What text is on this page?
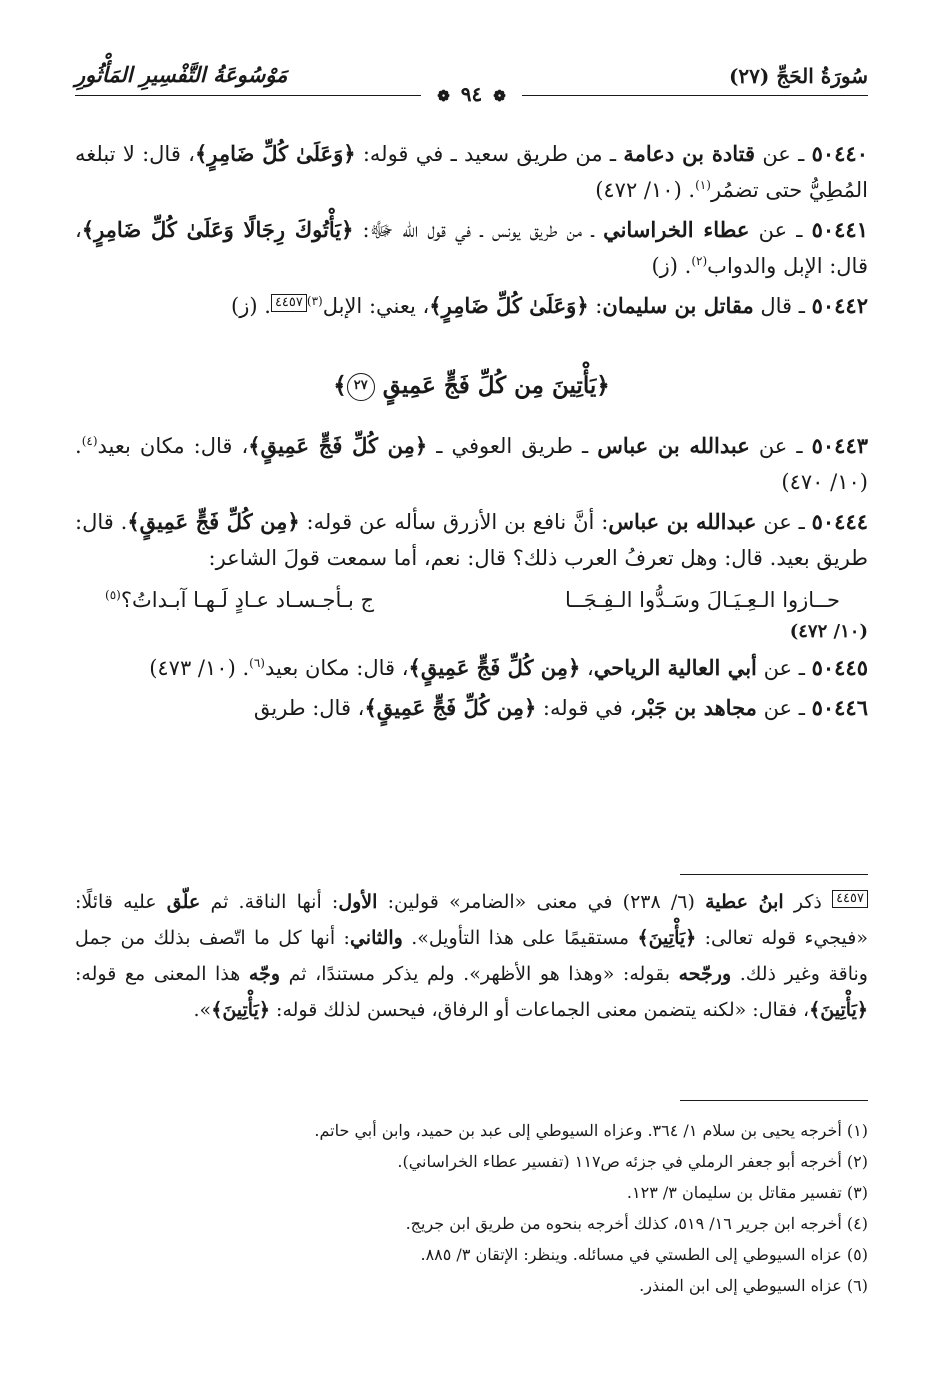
مَوْسُوعَةُ التَّفْسِيرِ المَأْثُورِ	سُورَةُ الحَجِّ (٢٧)
❁ ٩٤ ❁

٥٠٤٤٠ ـ عن قتادة بن دعامة ـ من طريق سعيد ـ في قوله: ﴿وَعَلَىٰ كُلِّ ضَامِرٍ﴾، قال: لا تبلغه المُطِيُّ حتى تضمُر$^{(١)}$. (١٠/ ٤٧٢)

٥٠٤٤١ ـ عن عطاء الخراساني ـ من طريق يونس ـ في قول الله ﷻ: ﴿يَأْتُوكَ رِجَالًا وَعَلَىٰ كُلِّ ضَامِرٍ﴾، قال: الإبل والدواب$^{(٢)}$. (ز)

٥٠٤٤٢ ـ قال مقاتل بن سليمان: ﴿وَعَلَىٰ كُلِّ ضَامِرٍ﴾، يعني: الإبل$^{(٣)}$٤٤٥٧. (ز)

﴿يَأْتِينَ مِن كُلِّ فَجٍّ عَمِيقٍ ٢٧﴾

٥٠٤٤٣ ـ عن عبدالله بن عباس ـ طريق العوفي ـ ﴿مِن كُلِّ فَجٍّ عَمِيقٍ﴾، قال: مكان بعيد$^{(٤)}$. (١٠/ ٤٧٠)

٥٠٤٤٤ ـ عن عبدالله بن عباس: أنَّ نافع بن الأزرق سأله عن قوله: ﴿مِن كُلِّ فَجٍّ عَمِيقٍ﴾. قال: طريق بعيد. قال: وهل تعرفُ العرب ذلك؟ قال: نعم، أما سمعت قولَ الشاعر:

حــازوا الـعِـيَـالَ وسَـدُّوا الـفِـجَــا
ج بـأجـسـاد عـادٍ لَـهـا آبـداتُ؟$^{(٥)}$
(١٠/ ٤٧٢)

٥٠٤٤٥ ـ عن أبي العالية الرياحي، ﴿مِن كُلِّ فَجٍّ عَمِيقٍ﴾، قال: مكان بعيد$^{(٦)}$. (١٠/ ٤٧٣)

٥٠٤٤٦ ـ عن مجاهد بن جَبْر، في قوله: ﴿مِن كُلِّ فَجٍّ عَمِيقٍ﴾، قال: طريق

٤٤٥٧ ذكر ابنُ عطية (٦/ ٢٣٨) في معنى «الضامر» قولين: الأول: أنها الناقة. ثم علّق عليه قائلًا: «فيجيء قوله تعالى: ﴿يَأْتِينَ﴾ مستقيمًا على هذا التأويل». والثاني: أنها كل ما اتّصف بذلك من جمل وناقة وغير ذلك. ورجّحه بقوله: «وهذا هو الأظهر». ولم يذكر مستندًا، ثم وجّه هذا المعنى مع قوله: ﴿يَأْتِينَ﴾، فقال: «لكنه يتضمن معنى الجماعات أو الرفاق، فيحسن لذلك قوله: ﴿يَأْتِينَ﴾».
(١) أخرجه يحيى بن سلام ١/ ٣٦٤. وعزاه السيوطي إلى عبد بن حميد، وابن أبي حاتم.
(٢) أخرجه أبو جعفر الرملي في جزئه ص١١٧ (تفسير عطاء الخراساني).
(٣) تفسير مقاتل بن سليمان ٣/ ١٢٣.
(٤) أخرجه ابن جرير ١٦/ ٥١٩، كذلك أخرجه بنحوه من طريق ابن جريج.
(٥) عزاه السيوطي إلى الطستي في مسائله. وينظر: الإتقان ٣/ ٨٨٥.
(٦) عزاه السيوطي إلى ابن المنذر.
